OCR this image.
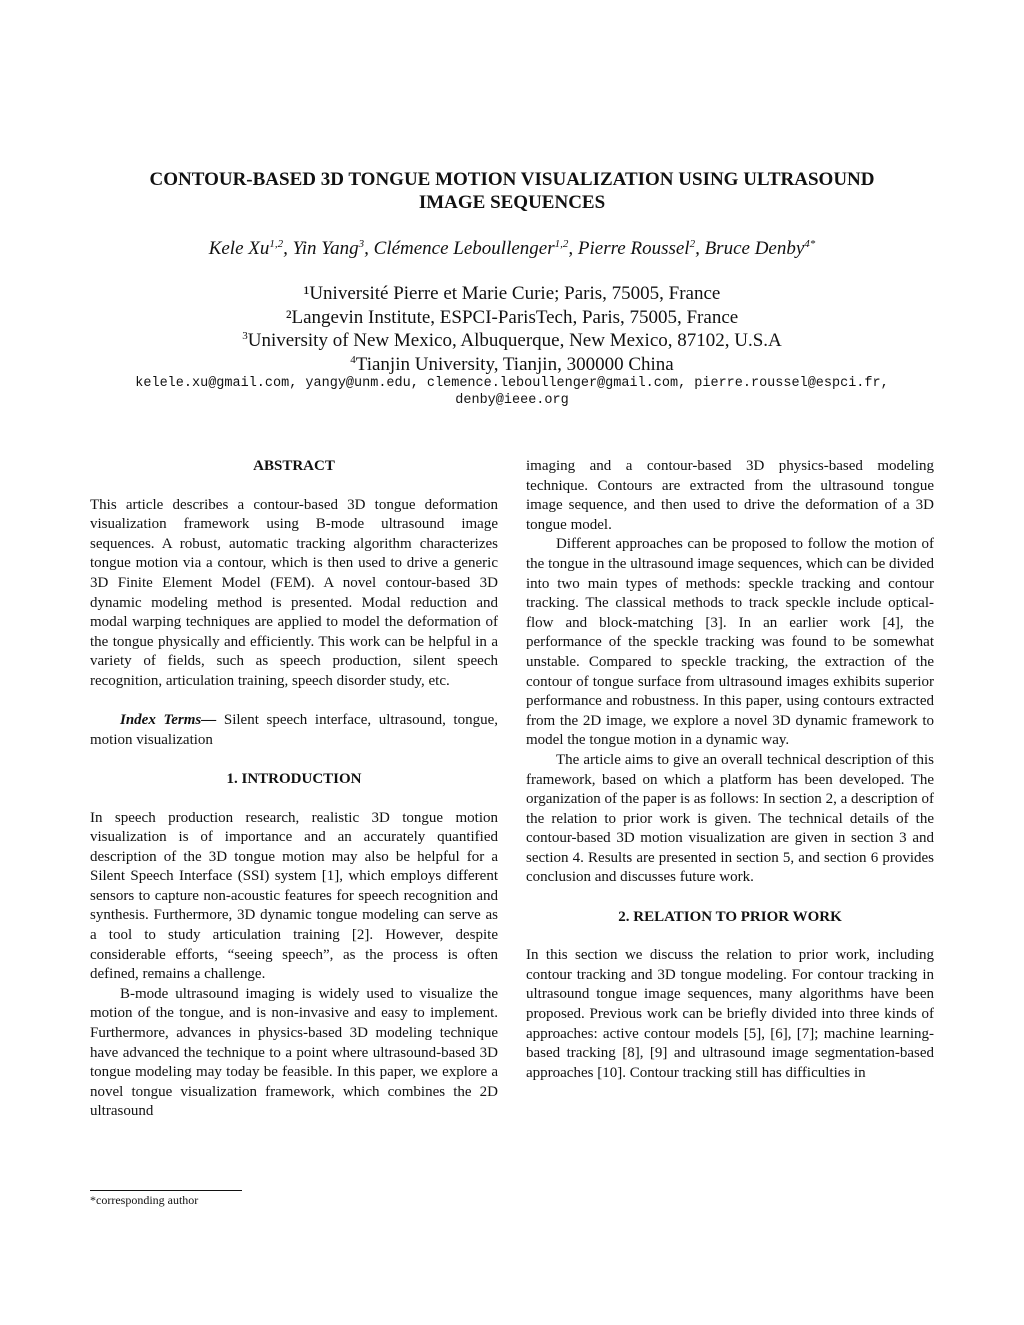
CONTOUR-BASED 3D TONGUE MOTION VISUALIZATION USING ULTRASOUND
IMAGE SEQUENCES
Kele Xu$^{1,2}$, Yin Yang$^3$, Clémence Leboullenger$^{1,2}$, Pierre Roussel$^2$, Bruce Denby$^{4*}$
¹Université Pierre et Marie Curie; Paris, 75005, France
²Langevin Institute, ESPCI-ParisTech, Paris, 75005, France
$^3$University of New Mexico, Albuquerque, New Mexico, 87102, U.S.A
$^4$Tianjin University, Tianjin, 300000 China
kelele.xu@gmail.com, yangy@unm.edu, clemence.leboullenger@gmail.com, pierre.roussel@espci.fr,
denby@ieee.org
ABSTRACT

This article describes a contour-based 3D tongue deformation visualization framework using B-mode ultrasound image sequences. A robust, automatic tracking algorithm characterizes tongue motion via a contour, which is then used to drive a generic 3D Finite Element Model (FEM). A novel contour-based 3D dynamic modeling method is presented. Modal reduction and modal warping techniques are applied to model the deformation of the tongue physically and efficiently. This work can be helpful in a variety of fields, such as speech production, silent speech recognition, articulation training, speech disorder study, etc.

Index Terms— Silent speech interface, ultrasound, tongue, motion visualization

1. INTRODUCTION

In speech production research, realistic 3D tongue motion visualization is of importance and an accurately quantified description of the 3D tongue motion may also be helpful for a Silent Speech Interface (SSI) system [1], which employs different sensors to capture non-acoustic features for speech recognition and synthesis. Furthermore, 3D dynamic tongue modeling can serve as a tool to study articulation training [2]. However, despite considerable efforts, “seeing speech”, as the process is often defined, remains a challenge.

B-mode ultrasound imaging is widely used to visualize the motion of the tongue, and is non-invasive and easy to implement. Furthermore, advances in physics-based 3D modeling technique have advanced the technique to a point where ultrasound-based 3D tongue modeling may today be feasible. In this paper, we explore a novel tongue visualization framework, which combines the 2D ultrasound

imaging and a contour-based 3D physics-based modeling technique. Contours are extracted from the ultrasound tongue image sequence, and then used to drive the deformation of a 3D tongue model.

Different approaches can be proposed to follow the motion of the tongue in the ultrasound image sequences, which can be divided into two main types of methods: speckle tracking and contour tracking. The classical methods to track speckle include optical-flow and block-matching [3]. In an earlier work [4], the performance of the speckle tracking was found to be somewhat unstable. Compared to speckle tracking, the extraction of the contour of tongue surface from ultrasound images exhibits superior performance and robustness. In this paper, using contours extracted from the 2D image, we explore a novel 3D dynamic framework to model the tongue motion in a dynamic way.

The article aims to give an overall technical description of this framework, based on which a platform has been developed. The organization of the paper is as follows: In section 2, a description of the relation to prior work is given. The technical details of the contour-based 3D motion visualization are given in section 3 and section 4. Results are presented in section 5, and section 6 provides conclusion and discusses future work.

2. RELATION TO PRIOR WORK

In this section we discuss the relation to prior work, including contour tracking and 3D tongue modeling. For contour tracking in ultrasound tongue image sequences, many algorithms have been proposed. Previous work can be briefly divided into three kinds of approaches: active contour models [5], [6], [7]; machine learning-based tracking [8], [9] and ultrasound image segmentation-based approaches [10]. Contour tracking still has difficulties in

*corresponding author
